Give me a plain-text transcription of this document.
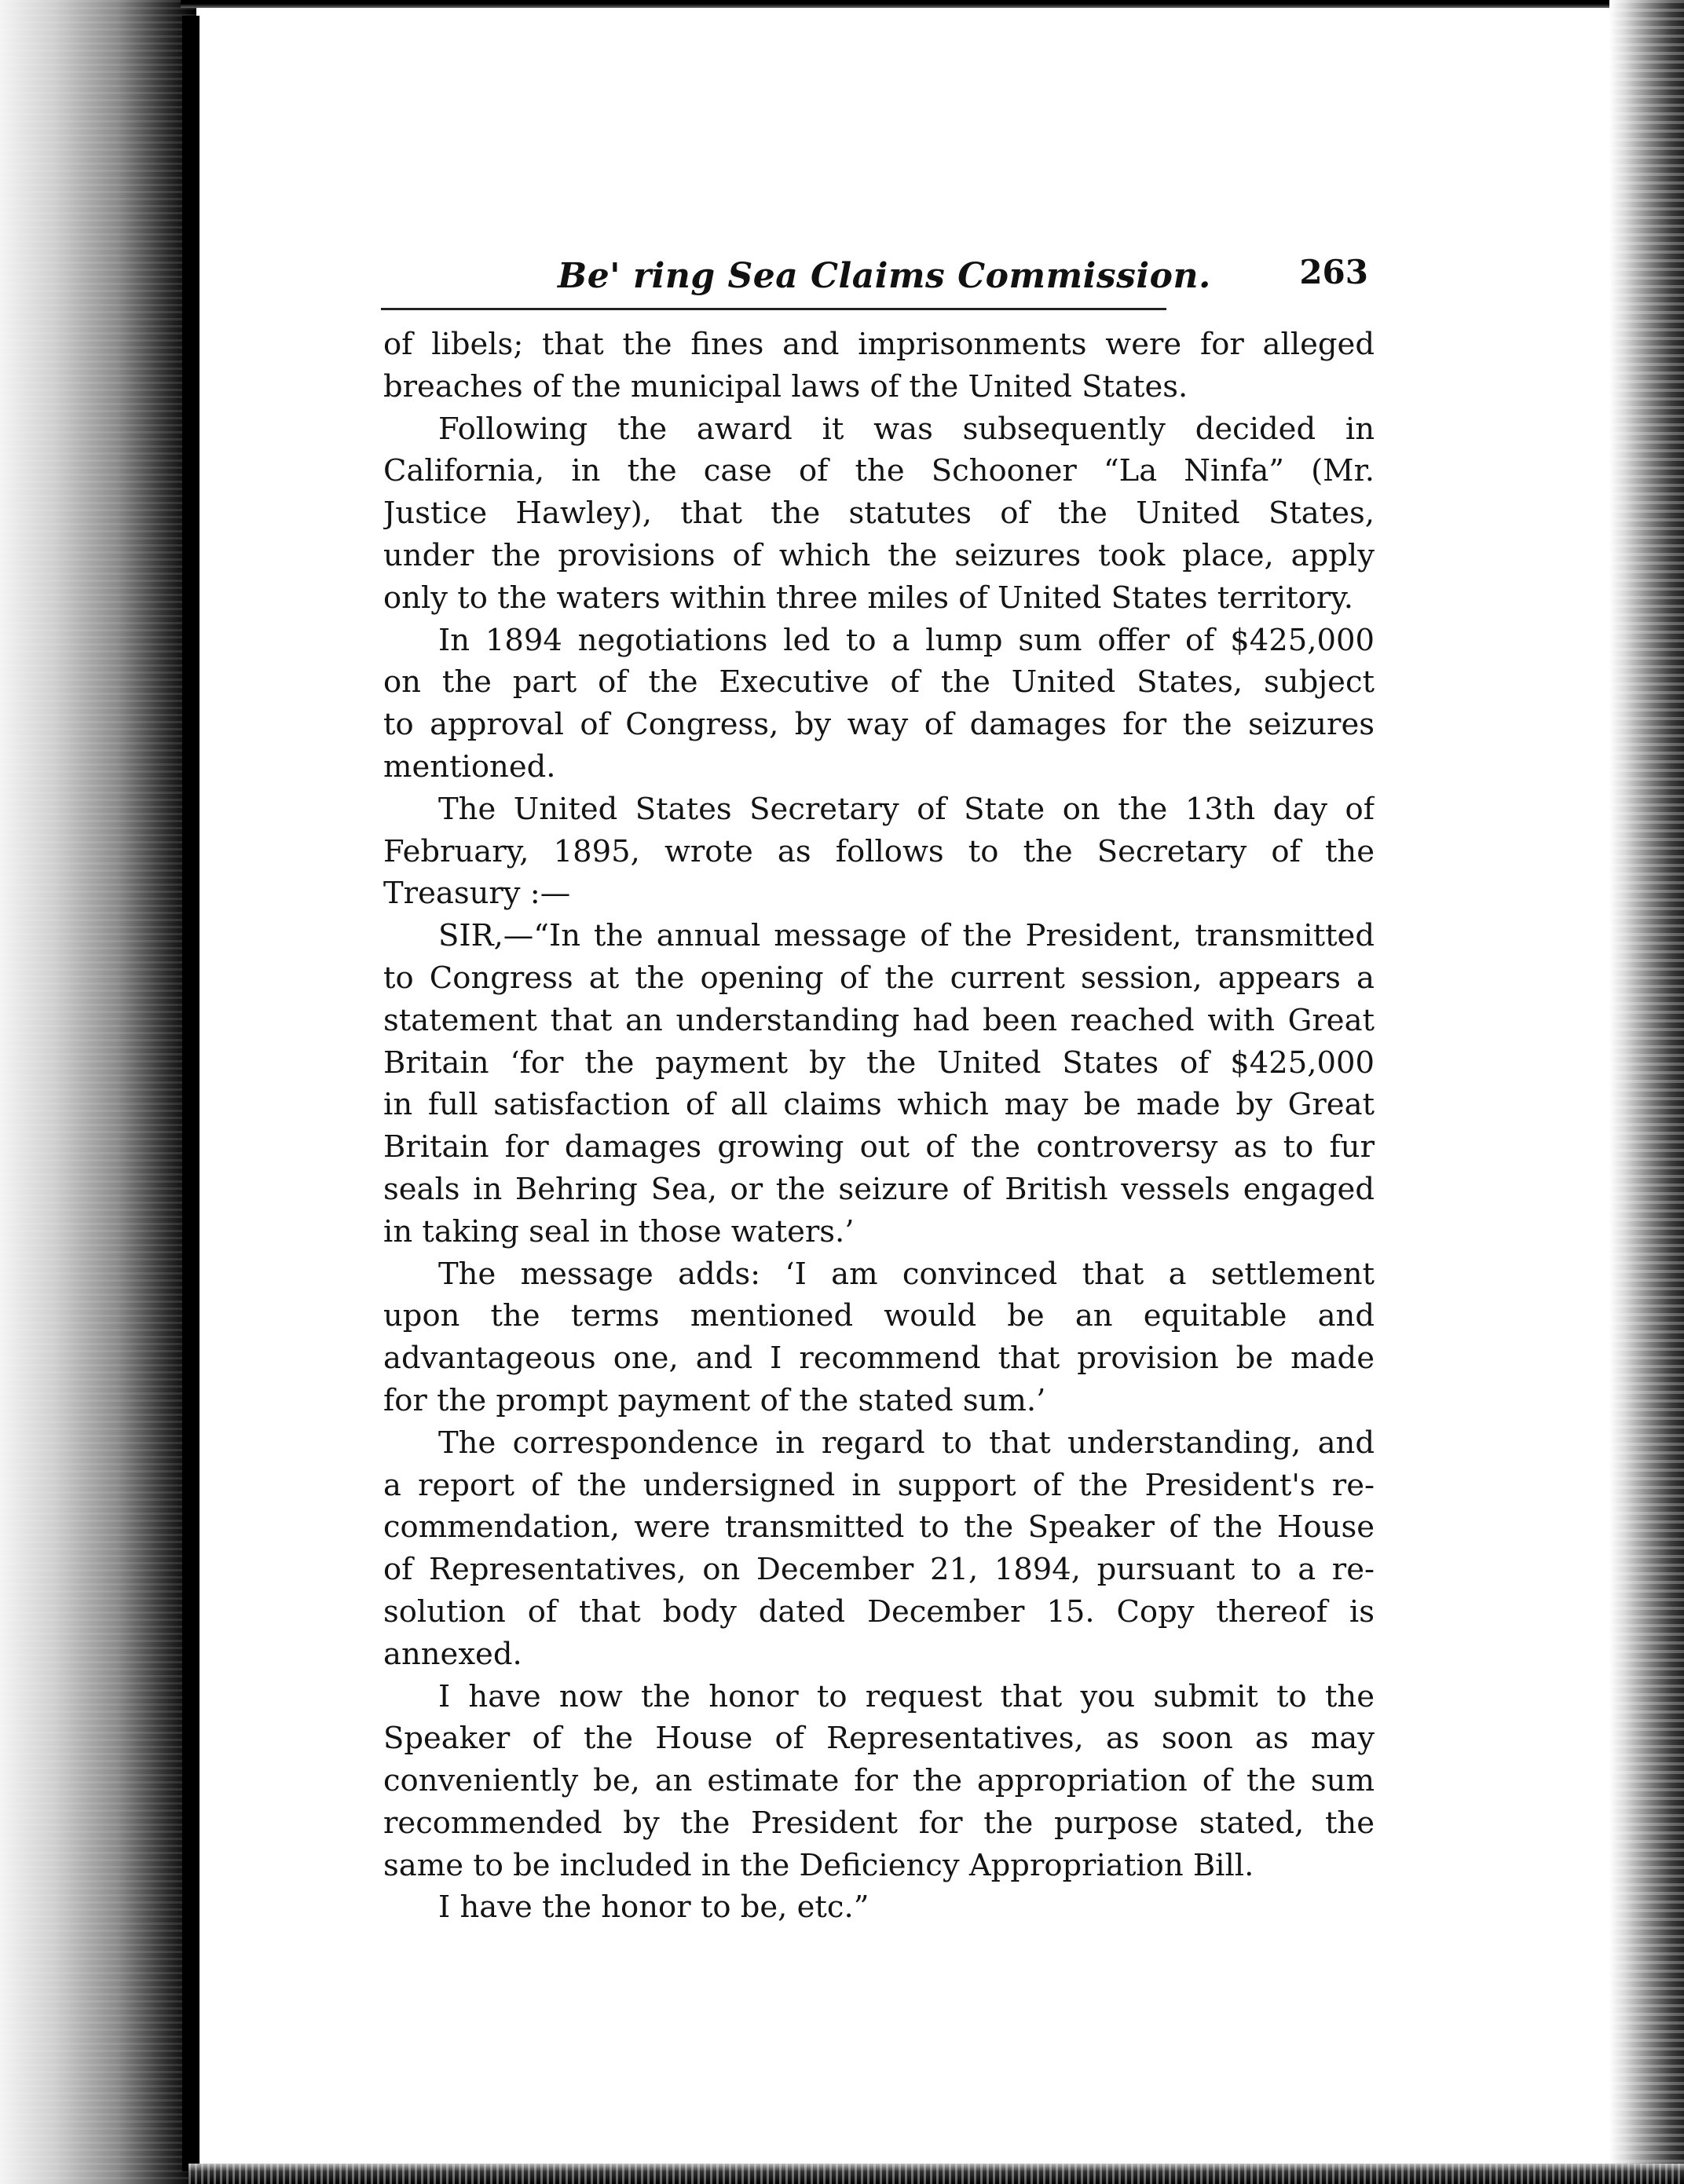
Be' ring Sea Claims Commission.	263
of libels; that the fines and imprisonments were for alleged
breaches of the municipal laws of the United States.
Following the award it was subsequently decided in
California, in the case of the Schooner “La Ninfa” (Mr.
Justice Hawley), that the statutes of the United States,
under the provisions of which the seizures took place, apply
only to the waters within three miles of United States territory.
In 1894 negotiations led to a lump sum offer of $425,000
on the part of the Executive of the United States, subject
to approval of Congress, by way of damages for the seizures
mentioned.
The United States Secretary of State on the 13th day of
February, 1895, wrote as follows to the Secretary of the
Treasury :—
SIR,—“In the annual message of the President, transmitted
to Congress at the opening of the current session, appears a
statement that an understanding had been reached with Great
Britain ‘for the payment by the United States of $425,000
in full satisfaction of all claims which may be made by Great
Britain for damages growing out of the controversy as to fur
seals in Behring Sea, or the seizure of British vessels engaged
in taking seal in those waters.’
The message adds: ‘I am convinced that a settlement
upon the terms mentioned would be an equitable and
advantageous one, and I recommend that provision be made
for the prompt payment of the stated sum.’
The correspondence in regard to that understanding, and
a report of the undersigned in support of the President's re-
commendation, were transmitted to the Speaker of the House
of Representatives, on December 21, 1894, pursuant to a re-
solution of that body dated December 15. Copy thereof is
annexed.
I have now the honor to request that you submit to the
Speaker of the House of Representatives, as soon as may
conveniently be, an estimate for the appropriation of the sum
recommended by the President for the purpose stated, the
same to be included in the Deficiency Appropriation Bill.
I have the honor to be, etc.”
